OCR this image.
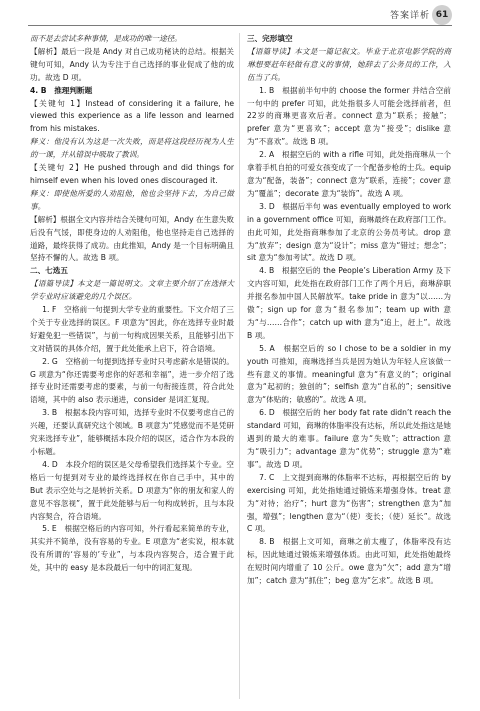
答案详析 61

而不是去尝试多种事情，是成功的唯一途径。

【解析】最后一段是 Andy 对自己成功秘诀的总结。根据关键句可知，Andy 认为专注于自己选择的事业促成了他的成功。故选 D 项。

4. B　推理判断题

【关键句 1】Instead of considering it a failure, he viewed this experience as a life lesson and learned from his mistakes.

释义：他没有认为这是一次失败，而是将这段经历视为人生的一课，并从错误中吸取了教训。

【关键句 2】He pushed through and did things for himself even when his loved ones discouraged it.

释义：即使他所爱的人劝阻他，他也会坚持下去，为自己做事。

【解析】根据全文内容并结合关键句可知，Andy 在生意失败后没有气馁，即使身边的人劝阻他，他也坚持走自己选择的道路，最终获得了成功。由此推知，Andy 是一个目标明确且坚持不懈的人。故选 B 项。

二、七选五

【语篇导读】本文是一篇说明文。文章主要介绍了在选择大学专业时应该避免的几个误区。

1. F　空格前一句提到大学专业的重要性。下文介绍了三个关于专业选择的误区。F 项意为“因此，你在选择专业时最好避免犯一些错误”，与前一句构成因果关系，且能够引出下文对错误的具体介绍，置于此处能承上启下，符合语境。

2. G　空格前一句提到选择专业时只考虑薪水是错误的。G 项意为“你还需要考虑你的好恶和幸福”，进一步介绍了选择专业时还需要考虑的要素，与前一句衔接连贯，符合此处语境，其中的 also 表示递进，consider 是词汇复现。

3. B　根据本段内容可知，选择专业时不仅要考虑自己的兴趣，还要认真研究这个领域。B 项意为“凭感觉而不是凭研究来选择专业”，能够概括本段介绍的误区，适合作为本段的小标题。

4. D　本段介绍的误区是父母希望我们选择某个专业。空格后一句提到对专业的最终选择权在你自己手中，其中的 But 表示空处与之是转折关系。D 项意为“你的朋友和家人的意见不容忽视”，置于此处能够与后一句构成转折，且与本段内容契合，符合语境。

5. E　根据空格后的内容可知，外行看起来简单的专业，其实并不简单，没有容易的专业。E 项意为“老实说，根本就没有所谓的‘容易的’专业”，与本段内容契合，适合置于此处，其中的 easy 是本段最后一句中的词汇复现。

三、完形填空

【语篇导读】本文是一篇记叙文。毕业于北京电影学院的商琳想要赶年轻做有意义的事情，她辞去了公务员的工作，入伍当了兵。

1. B　根据前半句中的 choose the former 并结合空前一句中的 prefer 可知，此处指很多人可能会选择前者，但22岁的商琳更喜欢后者。connect 意为“联系；接触”；prefer 意为“更喜欢”；accept 意为“接受”；dislike 意为“不喜欢”。故选 B 项。

2. A　根据空后的 with a rifle 可知，此处指商琳从一个拿着手机自拍的可爱女孩变成了一个配备步枪的士兵。equip 意为“配备，装备”；connect 意为“联系，连接”；cover 意为“覆盖”；decorate 意为“装饰”。故选 A 项。

3. D　根据后半句 was eventually employed to work in a government office 可知，商琳最终在政府部门工作。由此可知，此处指商琳参加了北京的公务员考试。drop 意为“放弃”；design 意为“设计”；miss 意为“错过；想念”；sit 意为“参加考试”。故选 D 项。

4. B　根据空后的 the People’s Liberation Army 及下文内容可知，此处指在政府部门工作了两个月后，商琳辞职并报名参加中国人民解放军。take pride in 意为“以……为傲”；sign up for 意为“报名参加”；team up with 意为“与……合作”；catch up with 意为“追上，赶上”。故选 B 项。

5. A　根据空后的 so I chose to be a soldier in my youth 可推知，商琳选择当兵是因为她认为年轻人应该做一些有意义的事情。meaningful 意为“有意义的”；original 意为“起初的；独创的”；selfish 意为“自私的”；sensitive 意为“体贴的；敏感的”。故选 A 项。

6. D　根据空后的 her body fat rate didn’t reach the standard 可知，商琳的体脂率没有达标，所以此处指这是她遇到的最大的难事。failure 意为“失败”；attraction 意为“吸引力”；advantage 意为“优势”；struggle 意为“难事”。故选 D 项。

7. C　上文提到商琳的体脂率不达标，再根据空后的 by exercising 可知，此处指她通过锻炼来增强身体。treat 意为“对待；治疗”；hurt 意为“伤害”；strengthen 意为“加强，增强”；lengthen 意为“（使）变长；（使）延长”。故选 C 项。

8. B　根据上文可知，商琳之前太瘦了，体脂率没有达标，因此她通过锻炼来增强体质。由此可知，此处指她最终在短时间内增重了 10 公斤。owe 意为“欠”；add 意为“增加”；catch 意为“抓住”；beg 意为“乞求”。故选 B 项。
